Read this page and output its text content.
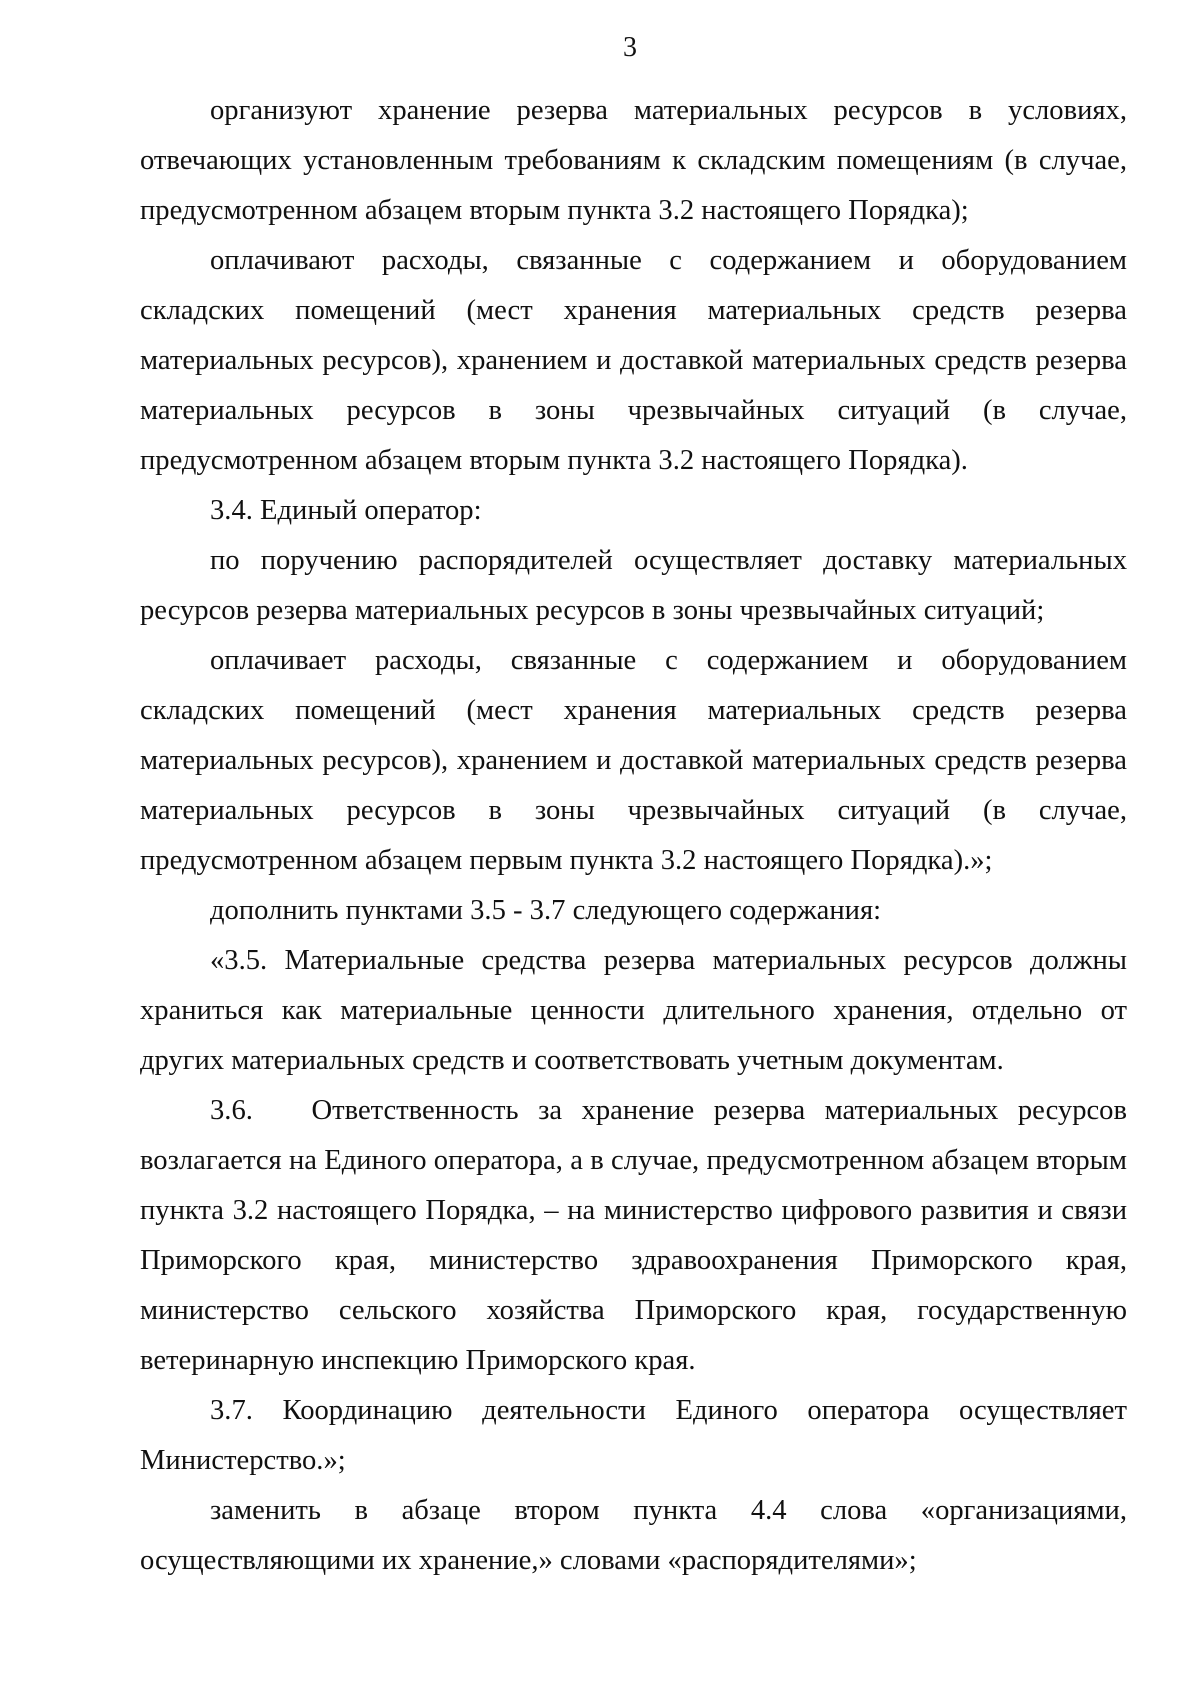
3

организуют хранение резерва материальных ресурсов в условиях, отвечающих установленным требованиям к складским помещениям (в случае, предусмотренном абзацем вторым пункта 3.2 настоящего Порядка);

оплачивают расходы, связанные с содержанием и оборудованием складских помещений (мест хранения материальных средств резерва материальных ресурсов), хранением и доставкой материальных средств резерва материальных ресурсов в зоны чрезвычайных ситуаций (в случае, предусмотренном абзацем вторым пункта 3.2 настоящего Порядка).

3.4. Единый оператор:

по поручению распорядителей осуществляет доставку материальных ресурсов резерва материальных ресурсов в зоны чрезвычайных ситуаций;

оплачивает расходы, связанные с содержанием и оборудованием складских помещений (мест хранения материальных средств резерва материальных ресурсов), хранением и доставкой материальных средств резерва материальных ресурсов в зоны чрезвычайных ситуаций (в случае, предусмотренном абзацем первым пункта 3.2 настоящего Порядка).»;

дополнить пунктами 3.5 - 3.7 следующего содержания:

«3.5. Материальные средства резерва материальных ресурсов должны храниться как материальные ценности длительного хранения, отдельно от других материальных средств и соответствовать учетным документам.

3.6.   Ответственность за хранение резерва материальных ресурсов возлагается на Единого оператора, а в случае, предусмотренном абзацем вторым пункта 3.2 настоящего Порядка, – на министерство цифрового развития и связи Приморского края, министерство здравоохранения Приморского края, министерство сельского хозяйства Приморского края, государственную ветеринарную инспекцию Приморского края.

3.7. Координацию деятельности Единого оператора осуществляет Министерство.»;

заменить в абзаце втором пункта 4.4 слова «организациями, осуществляющими их хранение,» словами «распорядителями»;
